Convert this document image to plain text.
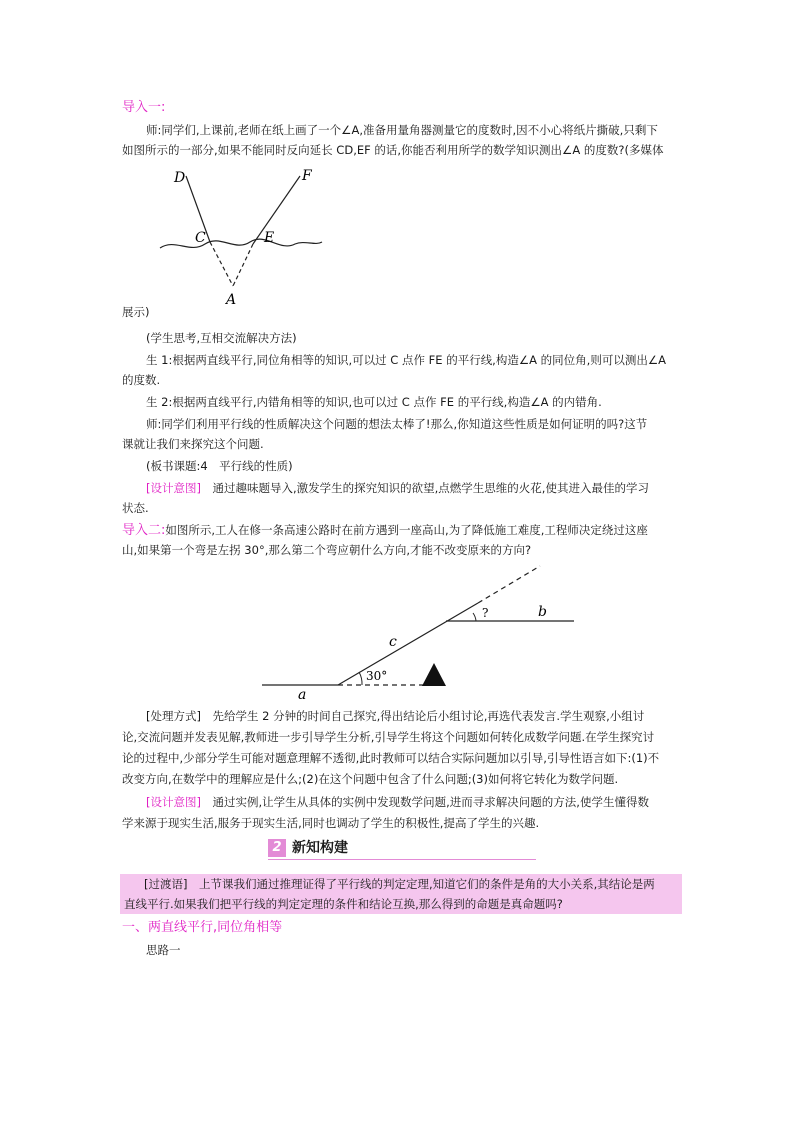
导入一:
师:同学们,上课前,老师在纸上画了一个∠A,准备用量角器测量它的度数时,因不小心将纸片撕破,只剩下
如图所示的一部分,如果不能同时反向延长 CD,EF 的话,你能否利用所学的数学知识测出∠A 的度数?(多媒体
D	F
C	E
A
展示)
(学生思考,互相交流解决方法)
生 1:根据两直线平行,同位角相等的知识,可以过 C 点作 FE 的平行线,构造∠A 的同位角,则可以测出∠A
的度数.
生 2:根据两直线平行,内错角相等的知识,也可以过 C 点作 FE 的平行线,构造∠A 的内错角.
师:同学们利用平行线的性质解决这个问题的想法太棒了!那么,你知道这些性质是如何证明的吗?这节
课就让我们来探究这个问题.
(板书课题:4　平行线的性质)
[设计意图]　通过趣味题导入,激发学生的探究知识的欲望,点燃学生思维的火花,使其进入最佳的学习
状态.
导入二:如图所示,工人在修一条高速公路时在前方遇到一座高山,为了降低施工难度,工程师决定绕过这座
山,如果第一个弯是左拐 30°,那么第二个弯应朝什么方向,才能不改变原来的方向?
a
b
c
30°
?
[处理方式]　先给学生 2 分钟的时间自己探究,得出结论后小组讨论,再选代表发言.学生观察,小组讨
论,交流问题并发表见解,教师进一步引导学生分析,引导学生将这个问题如何转化成数学问题.在学生探究讨
论的过程中,少部分学生可能对题意理解不透彻,此时教师可以结合实际问题加以引导,引导性语言如下:(1)不
改变方向,在数学中的理解应是什么;(2)在这个问题中包含了什么问题;(3)如何将它转化为数学问题.
[设计意图]　通过实例,让学生从具体的实例中发现数学问题,进而寻求解决问题的方法,使学生懂得数
学来源于现实生活,服务于现实生活,同时也调动了学生的积极性,提高了学生的兴趣.
2 新知构建
[过渡语]　上节课我们通过推理证得了平行线的判定定理,知道它们的条件是角的大小关系,其结论是两
直线平行.如果我们把平行线的判定定理的条件和结论互换,那么得到的命题是真命题吗?
一、两直线平行,同位角相等
思路一
